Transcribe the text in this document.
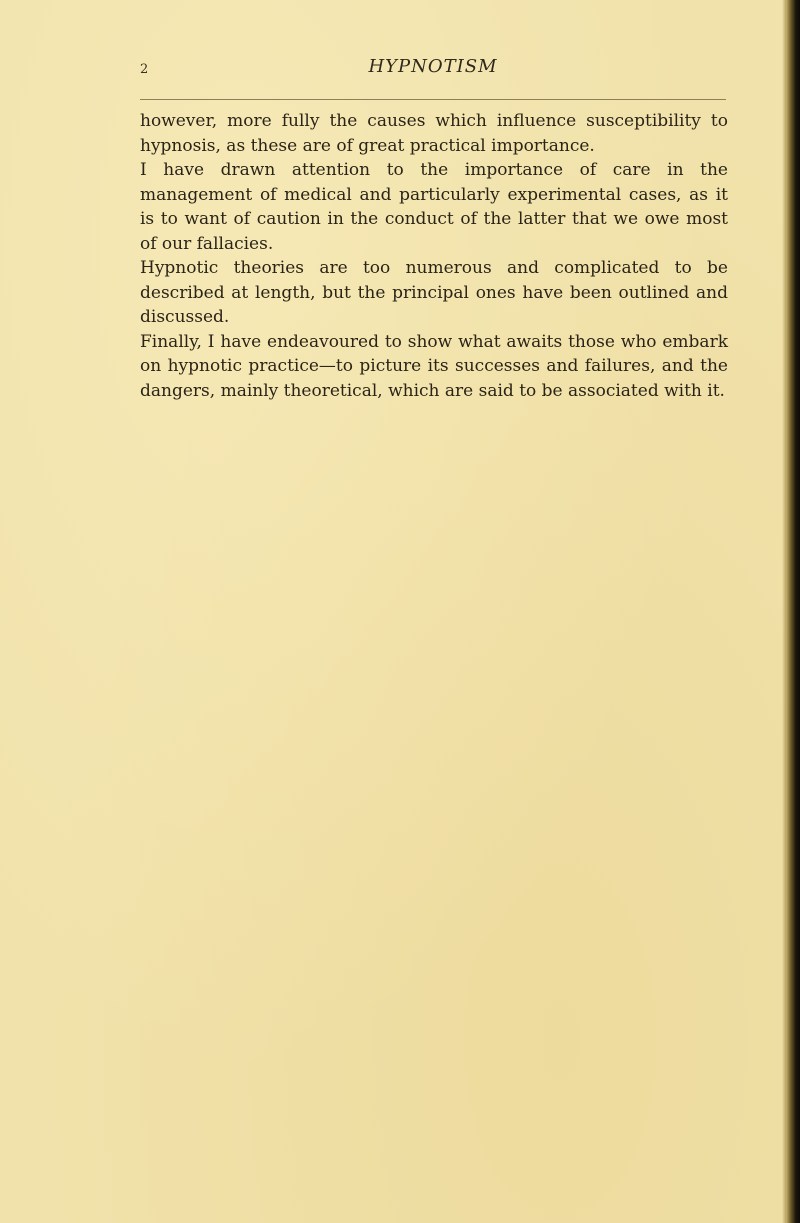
2	HYPNOTISM

however, more fully the causes which influence susceptibility to hypnosis, as these are of great practical importance.

I have drawn attention to the importance of care in the management of medical and particularly experimental cases, as it is to want of caution in the conduct of the latter that we owe most of our fallacies.

Hypnotic theories are too numerous and complicated to be described at length, but the principal ones have been outlined and discussed.

Finally, I have endeavoured to show what awaits those who embark on hypnotic practice—to picture its successes and failures, and the dangers, mainly theoretical, which are said to be associated with it.
